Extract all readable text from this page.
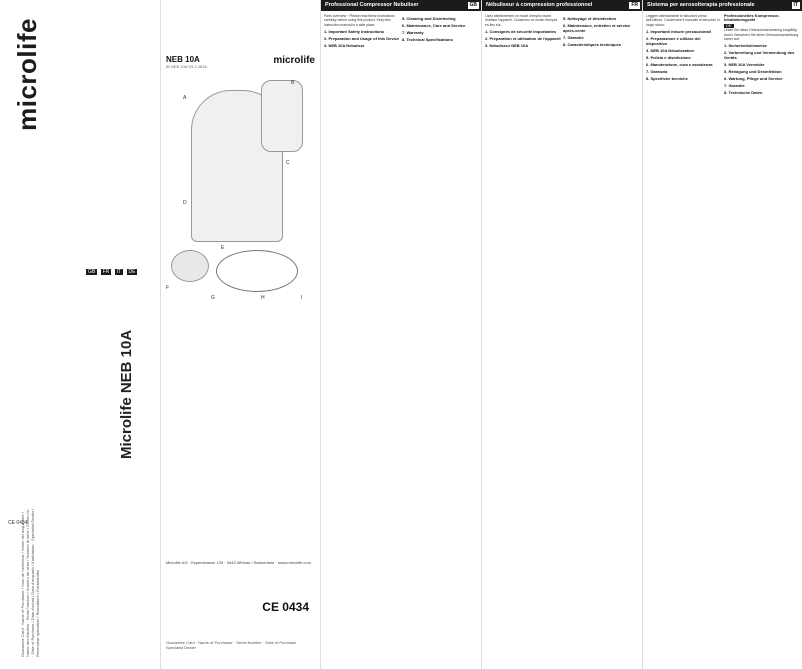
Guarantee Card · Name of Purchaser / Nom de l'acheteur / Nome del acquirente / Name des Käufers · Serial Number / Numéro de série / Numero di serie / Serien-Nr. · Date of Purchase / Date d'achat / Data d'acquisto / Kaufdatum · Specialist Dealer / Revendeur spécialisé / Rivenditore / Fachhändler
Microlife NEB 10A
microlife
GB FR IT DE
CE 0434
NEB 10A
IB NEB 10A V3-3 2616
microlife
A
B
C
D
E
F
G	H	I
Microlife AG · Espenstrasse 139 · 9443 Widnau / Switzerland · www.microlife.com
CE 0434
Guarantee Card · Name of Purchaser · Serial Number · Date of Purchase · Specialist Dealer
Professional Compressor Nebuliser	GB

Parts overview · Please read these instructions carefully before using this product. Keep this instruction manual in a safe place.

1. Important Safety Instructions
2. Preparation and Usage of this Device
3. NEB 10A Nebuliser
5. Cleaning and Disinfecting
6. Maintenance, Care and Service
7. Warranty
8. Technical Specifications
Nébuliseur à compression professionnel	FR

Lisez attentivement ce mode d'emploi avant d'utiliser l'appareil. Conservez ce mode d'emploi en lieu sûr.

1. Consignes de sécurité importantes
2. Préparation et utilisation de l'appareil
3. Nébuliseur NEB 10A
5. Nettoyage et désinfection
6. Maintenance, entretien et service après-vente
7. Garantie
8. Caractéristiques techniques
Sistema per aerosolterapia professionale	IT

Leggere attentamente le istruzioni prima dell'utilizzo. Conservare il manuale di istruzioni in luogo sicuro.

1. Importanti misure precauzionali
2. Preparazione e utilizzo del dispositivo
3. NEB 10A Nebulizzatore
5. Pulizia e disinfezione
6. Manutenzione, cura e assistenza
7. Garanzia
8. Specifiche tecniche
Professionelles Kompressor-Inhalationsgerät
DE

Lesen Sie diese Gebrauchsanweisung sorgfältig durch. Bewahren Sie diese Gebrauchsanweisung sicher auf.

1. Sicherheitshinweise
2. Vorbereitung und Verwendung des Geräts
3. NEB 10A Vernebler
5. Reinigung und Desinfektion
6. Wartung, Pflege und Service
7. Garantie
8. Technische Daten
